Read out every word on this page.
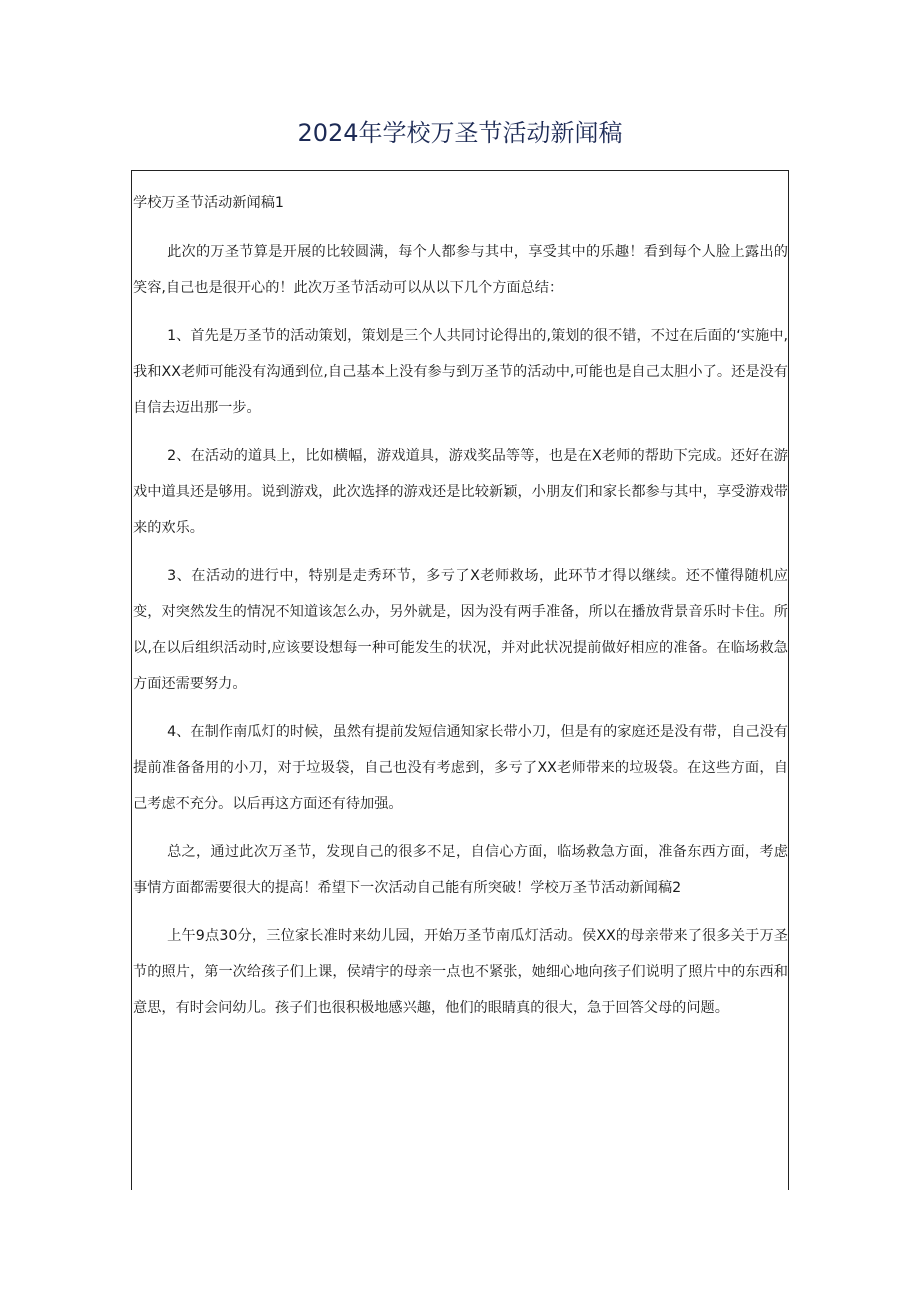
2024年学校万圣节活动新闻稿

学校万圣节活动新闻稿1

此次的万圣节算是开展的比较圆满，每个人都参与其中，享受其中的乐趣！看到每个人脸上露出的笑容,自己也是很开心的！此次万圣节活动可以从以下几个方面总结：

1、首先是万圣节的活动策划，策划是三个人共同讨论得出的,策划的很不错，不过在后面的‘实施中,我和XX老师可能没有沟通到位,自己基本上没有参与到万圣节的活动中,可能也是自己太胆小了。还是没有自信去迈出那一步。

2、在活动的道具上，比如横幅，游戏道具，游戏奖品等等，也是在X老师的帮助下完成。还好在游戏中道具还是够用。说到游戏，此次选择的游戏还是比较新颖，小朋友们和家长都参与其中，享受游戏带来的欢乐。

3、在活动的进行中，特别是走秀环节，多亏了X老师救场，此环节才得以继续。还不懂得随机应变，对突然发生的情况不知道该怎么办，另外就是，因为没有两手准备，所以在播放背景音乐时卡住。所以,在以后组织活动时,应该要设想每一种可能发生的状况，并对此状况提前做好相应的准备。在临场救急方面还需要努力。

4、在制作南瓜灯的时候，虽然有提前发短信通知家长带小刀，但是有的家庭还是没有带，自己没有提前准备备用的小刀，对于垃圾袋，自己也没有考虑到，多亏了XX老师带来的垃圾袋。在这些方面，自己考虑不充分。以后再这方面还有待加强。

总之，通过此次万圣节，发现自己的很多不足，自信心方面，临场救急方面，准备东西方面，考虑事情方面都需要很大的提高！希望下一次活动自己能有所突破！学校万圣节活动新闻稿2

上午9点30分，三位家长准时来幼儿园，开始万圣节南瓜灯活动。侯XX的母亲带来了很多关于万圣节的照片，第一次给孩子们上课，侯靖宇的母亲一点也不紧张，她细心地向孩子们说明了照片中的东西和意思，有时会问幼儿。孩子们也很积极地感兴趣，他们的眼睛真的很大，急于回答父母的问题。
